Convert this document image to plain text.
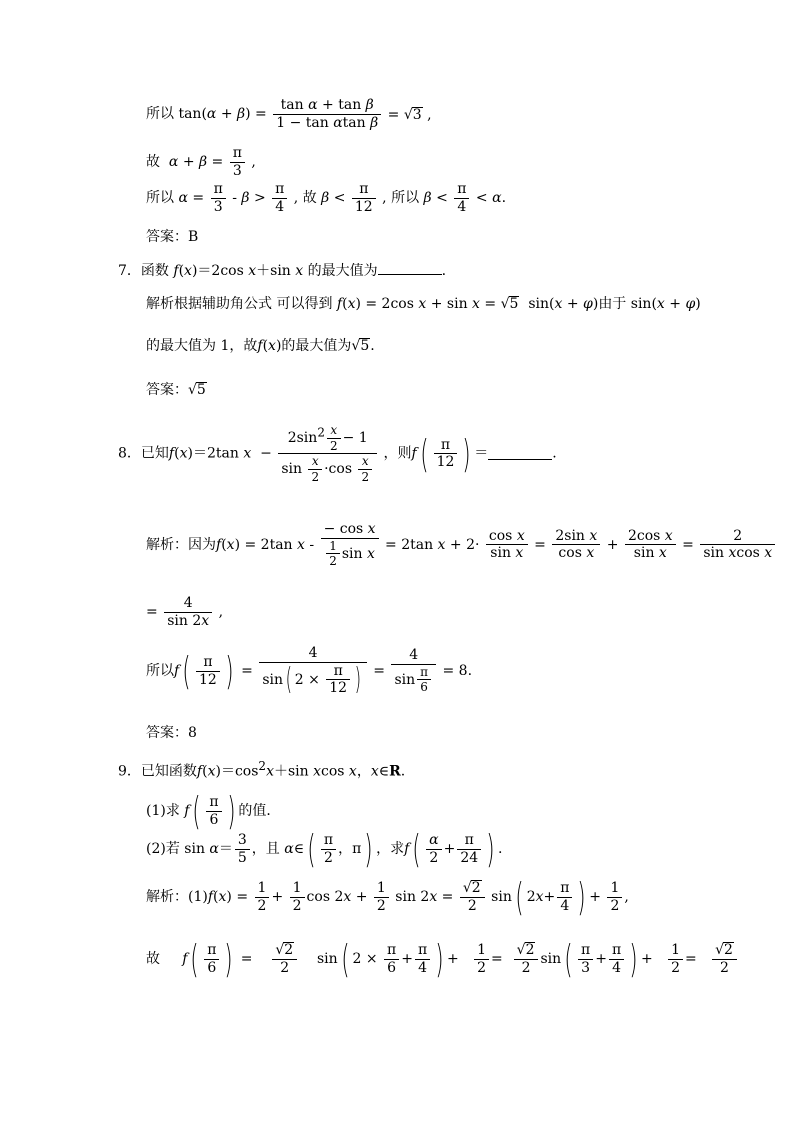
所以 $\tan(\alpha + \beta) = \frac{\text{tan α + tan β}}{\text{1 − tan αtan β}} = √3$ ,
故 $\alpha + \beta = \frac{\pi}{3}$ ,
所以 $\alpha = \frac{\pi}{3} - \beta > \frac{\pi}{4}$ , 故 $\beta < \frac{\pi}{12}$ , 所以 $\beta < \frac{\pi}{4} < \alpha$.
答案：B
7．函数 f(x)＝2cos x＋sin x 的最大值为	.
解析根据辅助角公式 可以得到 f(x) = 2cos x + sin x = √5  sin(x + φ)由于 sin(x + φ)
的最大值为 1，故f(x)的最大值为√5.
答案：√5
8．已知f(x)＝2tan $x - \frac{2\sin^2 \frac{x}{2} - 1}{\sin \frac{x}{2} \cdot\cos \frac{x}{2}}$ ，则$f( \frac{\pi}{12}$ ) ＝	.
解析：因为f(x) = 2tan $x - \frac{\text{− cos x}}{\frac{1}{2} \sin x} = 2\tan$ $x + 2\cdot \frac{\text{cos x}}{\text{sin x}} = \frac{\text{2sin x}}{\text{cos x}} + \frac{\text{2cos x}}{\text{sin x}} = \frac{2}{\text{sin xcos x}}$
= $\frac{4}{\sin 2x}$ ,
所以$f( \frac{\pi}{12}$ ) = $\frac{4}{\sin( 2 \times \frac{\pi}{12} )} = \frac{4}{\sin \frac{\pi}{6}} = 8$.
答案：8
9．已知函数$f(x)=\cos^2x+\sin$ xcos x，x∈R.
(1)求 $f( \frac{\pi}{6}$ ) 的值．
(2)若 $\sin \alpha= \frac{3}{5}$ ，且 α∈( $\frac{\pi}{2}$ ，π) ，求$f( \frac{\alpha}{2} + \frac{\pi}{24}$ ) .
解析：$(1)f(x) = \frac{1}{2} + \frac{1}{2}$ $\cos 2x + \frac{1}{2}$ $\sin 2x = \frac{√2}{2} \sin$( $2x+ \frac{\pi}{4}$ ) + $\frac{1}{2}$ ,
故 $f( \frac{\pi}{6}$ ) = $\frac{√2}{2} \sin$( $2 \times \frac{\pi}{6} + \frac{\pi}{4}$ ) + $\frac{1}{2} = \frac{√2}{2} \sin( \frac{\pi}{3} + \frac{\pi}{4}$ ) + $\frac{1}{2} = \frac{√2}{2}$
